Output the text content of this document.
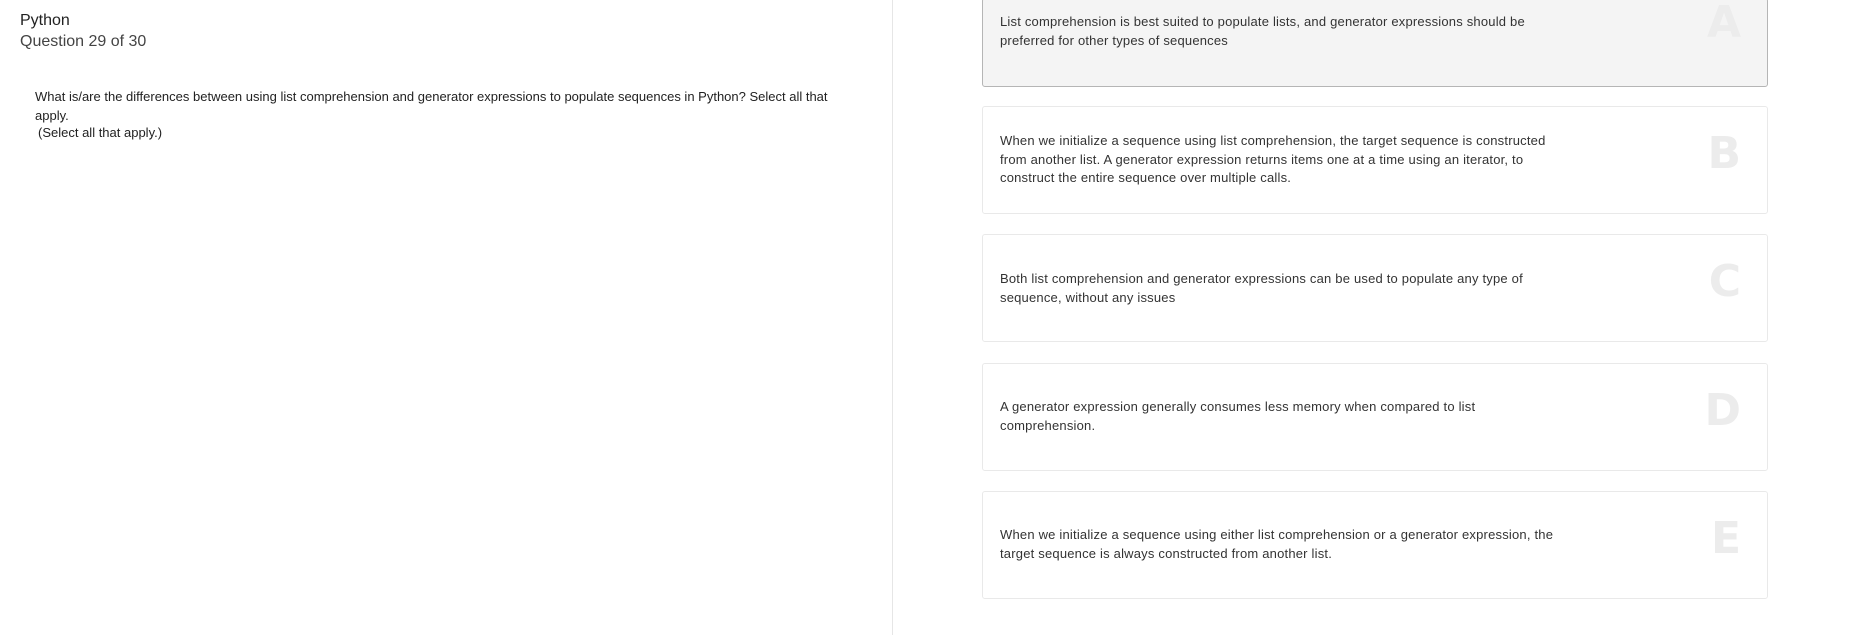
Python
Question 29 of 30
What is/are the differences between using list comprehension and generator expressions to populate sequences in Python? Select all that apply.
(Select all that apply.)
List comprehension is best suited to populate lists, and generator expressions should be preferred for other types of sequences	A
When we initialize a sequence using list comprehension, the target sequence is constructed from another list. A generator expression returns items one at a time using an iterator, to construct the entire sequence over multiple calls.	B
Both list comprehension and generator expressions can be used to populate any type of sequence, without any issues	C
A generator expression generally consumes less memory when compared to list comprehension.	D
When we initialize a sequence using either list comprehension or a generator expression, the target sequence is always constructed from another list.	E
